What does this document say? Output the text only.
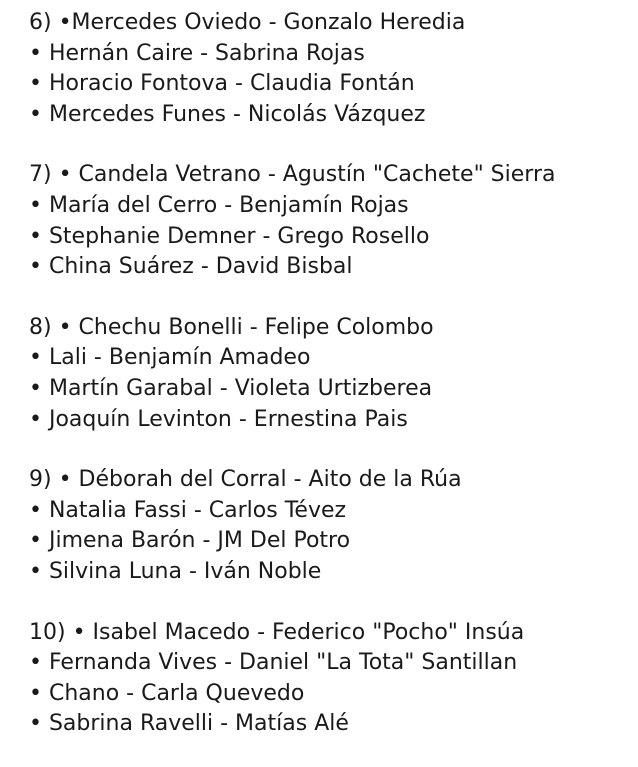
6) •Mercedes Oviedo - Gonzalo Heredia
• Hernán Caire - Sabrina Rojas
• Horacio Fontova - Claudia Fontán
• Mercedes Funes - Nicolás Vázquez
7) • Candela Vetrano - Agustín "Cachete" Sierra
• María del Cerro - Benjamín Rojas
• Stephanie Demner - Grego Rosello
• China Suárez - David Bisbal
8) • Chechu Bonelli - Felipe Colombo
• Lali - Benjamín Amadeo
• Martín Garabal - Violeta Urtizberea
• Joaquín Levinton - Ernestina Pais
9) • Déborah del Corral - Aito de la Rúa
• Natalia Fassi - Carlos Tévez
• Jimena Barón - JM Del Potro
• Silvina Luna - Iván Noble
10) • Isabel Macedo - Federico "Pocho" Insúa
• Fernanda Vives - Daniel "La Tota" Santillan
• Chano - Carla Quevedo
• Sabrina Ravelli - Matías Alé
